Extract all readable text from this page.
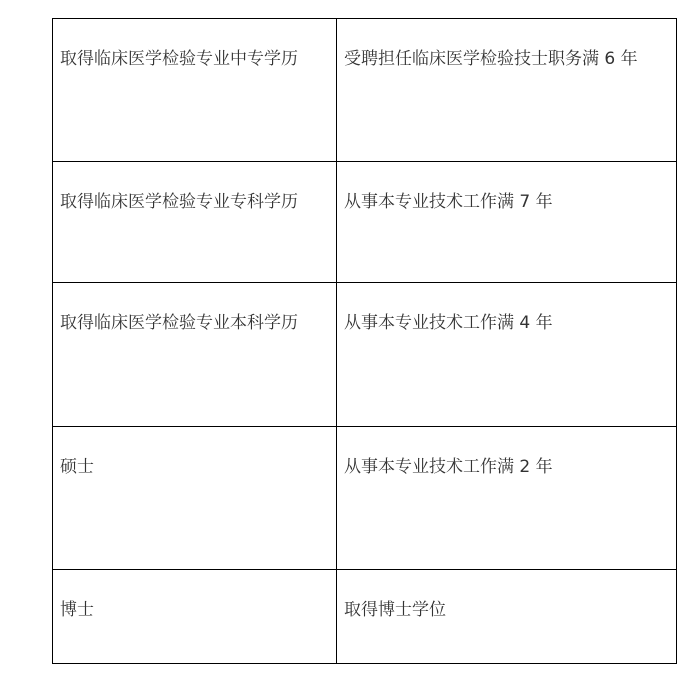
取得临床医学检验专业中专学历	受聘担任临床医学检验技士职务满 6 年
取得临床医学检验专业专科学历	从事本专业技术工作满 7 年
取得临床医学检验专业本科学历	从事本专业技术工作满 4 年
硕士	从事本专业技术工作满 2 年
博士	取得博士学位
